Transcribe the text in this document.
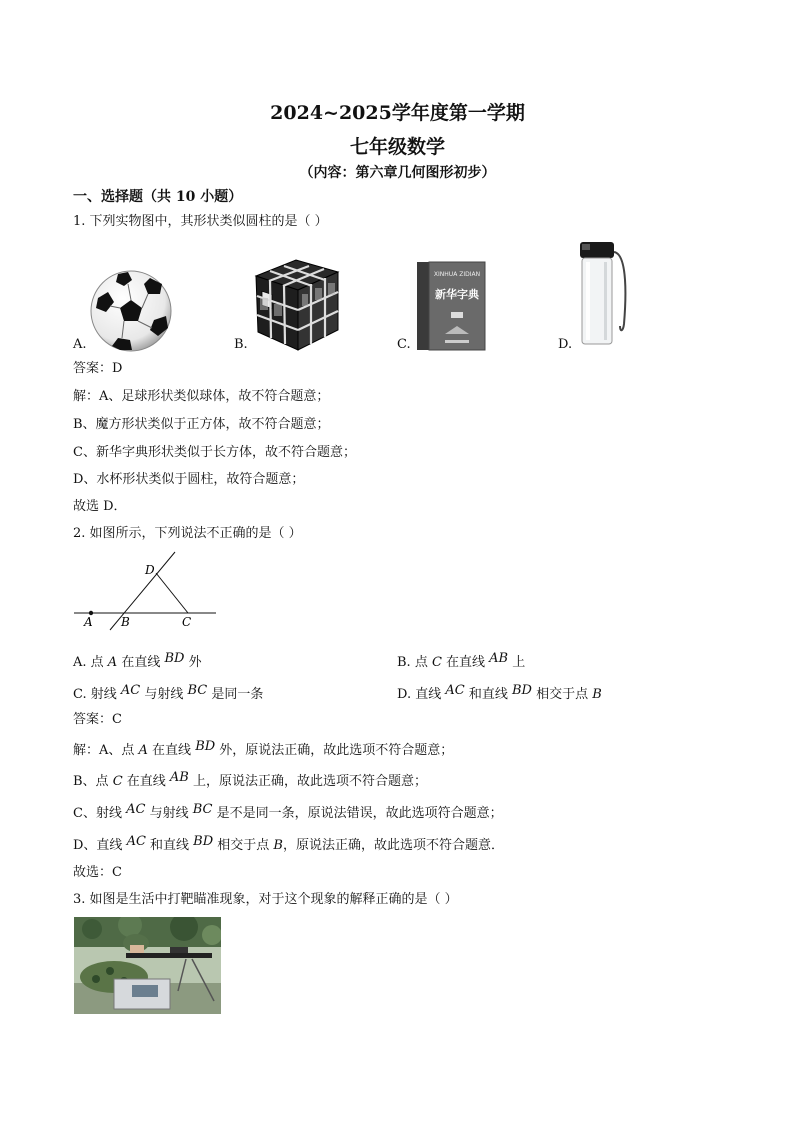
2024~2025学年度第一学期
七年级数学
（内容：第六章几何图形初步）
一、选择题（共 10 小题）
1. 下列实物图中，其形状类似圆柱的是（ ）
A.	B.
XINHUA ZIDIAN
新华字典
C.	D.
答案：D
解：A、足球形状类似球体，故不符合题意；
B、魔方形状类似于正方体，故不符合题意；
C、新华字典形状类似于长方体，故不符合题意；
D、水杯形状类似于圆柱，故符合题意；
故选 D．
2. 如图所示，下列说法不正确的是（ ）
A B	C
D
A. 点 A 在直线 BD 外	B. 点 C 在直线 AB 上
C. 射线 AC 与射线 BC 是同一条	D. 直线 AC 和直线 BD 相交于点 B
答案：C
解：A、点 A 在直线 BD 外，原说法正确，故此选项不符合题意；
B、点 C 在直线 AB 上，原说法正确，故此选项不符合题意；
C、射线 AC 与射线 BC 是不是同一条，原说法错误，故此选项符合题意；
D、直线 AC 和直线 BD 相交于点 B，原说法正确，故此选项不符合题意．
故选：C
3. 如图是生活中打靶瞄准现象，对于这个现象的解释正确的是（ ）
